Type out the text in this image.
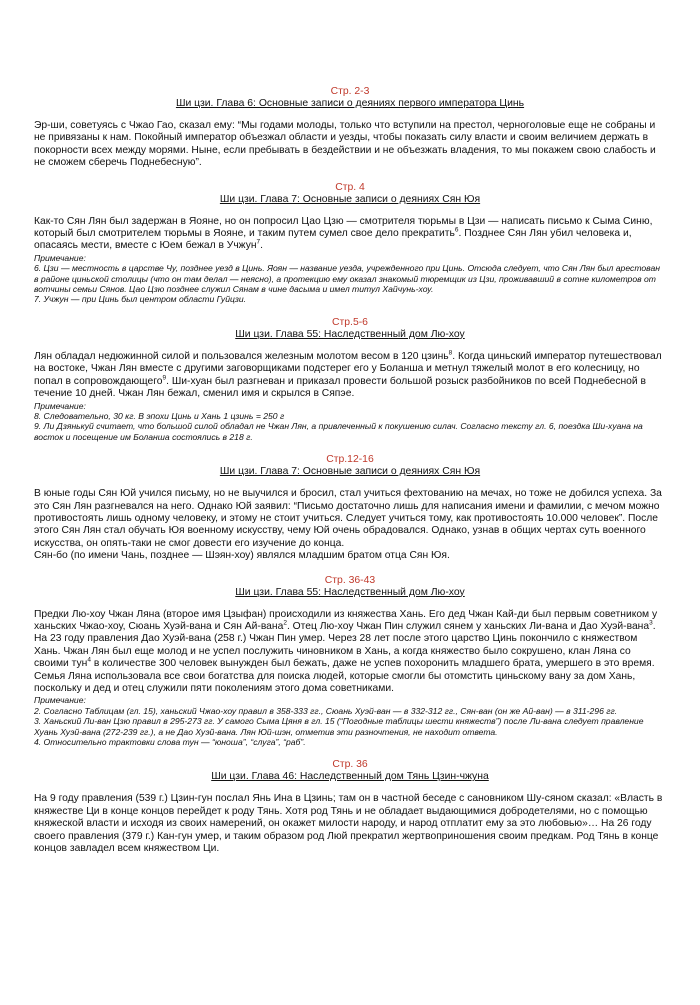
Стр. 2-3

Ши цзи. Глава 6: Основные записи о деяниях первого императора Цинь

Эр-ши, советуясь с Чжао Гао, сказал ему: “Мы годами молоды, только что вступили на престол, черноголовые еще не собраны и не привязаны к нам. Покойный император объезжал области и уезды, чтобы показать силу власти и своим величием держать в покорности всех между морями. Ныне, если пребывать в бездействии и не объезжать владения, то мы покажем свою слабость и не сможем сберечь Поднебесную”.

Стр. 4

Ши цзи. Глава 7: Основные записи о деяниях Сян Юя

Как-то Сян Лян был задержан в Яояне, но он попросил Цао Цзю — смотрителя тюрьмы в Цзи — написать письмо к Сыма Синю, который был смотрителем тюрьмы в Яояне, и таким путем сумел свое дело прекратить$^6$. Позднее Сян Лян убил человека и, опасаясь мести, вместе с Юем бежал в Учжун$^7$.

Примечание:

6. Цзи — местность в царстве Чу, позднее уезд в Цинь. Яоян — название уезда, учрежденного при Цинь. Отсюда следует, что Сян Лян был арестован в районе циньской столицы (что он там делал — неясно), а протекцию ему оказал знакомый тюремщик из Цзи, проживавший в сотне километров от вотчины семьи Сянов. Цао Цзю позднее служил Сянам в чине дасыма и имел титул Хайчунь-хоу.

7. Учжун — при Цинь был центром области Гуйцзи.

Стр.5-6

Ши цзи. Глава 55: Наследственный дом Лю-хоу

Лян обладал недюжинной силой и пользовался железным молотом весом в 120 цзинь$^8$. Когда циньский император путешествовал на востоке, Чжан Лян вместе с другими заговорщиками подстерег его у Боланша и метнул тяжелый молот в его колесницу, но попал в сопровождающего$^9$. Ши-хуан был разгневан и приказал провести большой розыск разбойников по всей Поднебесной в течение 10 дней. Чжан Лян бежал, сменил имя и скрылся в Сяпэе.

Примечание:

8. Следовательно, 30 кг. В эпохи Цинь и Хань 1 цзинь = 250 г

9. Ли Дзянькуй считает, что большой силой обладал не Чжан Лян, а привлеченный к покушению силач. Согласно тексту гл. 6, поездка Ши-хуана на восток и посещение им Боланша состоялись в 218 г.

Стр.12-16

Ши цзи. Глава 7: Основные записи о деяниях Сян Юя

В юные годы Сян Юй учился письму, но не выучился и бросил, стал учиться фехтованию на мечах, но тоже не добился успеха. За это Сян Лян разгневался на него. Однако Юй заявил: “Письмо достаточно лишь для написания имени и фамилии, с мечом можно противостоять лишь одному человеку, и этому не стоит учиться. Следует учиться тому, как противостоять 10.000 человек”. После этого Сян Лян стал обучать Юя военному искусству, чему Юй очень обрадовался. Однако, узнав в общих чертах суть военного искусства, он опять-таки не смог довести его изучение до конца.

Сян-бо (по имени Чань, позднее — Шэян-хоу) являлся младшим братом отца Сян Юя.

Стр. 36-43

Ши цзи. Глава 55: Наследственный дом Лю-хоу

Предки Лю-хоу Чжан Ляна (второе имя Цзыфан) происходили из княжества Хань. Его дед Чжан Кай-ди был первым советником у ханьских Чжао-хоу, Сюань Хуэй-вана и Сян Ай-вана$^2$. Отец Лю-хоу Чжан Пин служил сянем у ханьских Ли-вана и Дао Хуэй-вана$^3$. На 23 году правления Дао Хуэй-вана (258 г.) Чжан Пин умер. Через 28 лет после этого царство Цинь покончило с княжеством Хань. Чжан Лян был еще молод и не успел послужить чиновником в Хань, а когда княжество было сокрушено, клан Ляна со своими тун$^4$ в количестве 300 человек вынужден был бежать, даже не успев похоронить младшего брата, умершего в это время. Семья Ляна использовала все свои богатства для поиска людей, которые смогли бы отомстить циньскому вану за дом Хань, поскольку и дед и отец служили пяти поколениям этого дома советниками.

Примечание:

2. Согласно Таблицам (гл. 15), ханьский Чжао-хоу правил в 358-333 гг., Сюань Хуэй-ван — в 332-312 гг., Сян-ван (он же Ай-ван) — в 311-296 гг.

3. Ханьский Ли-ван Цзю правил в 295-273 гг. У самого Сыма Цяня в гл. 15 (“Погодные таблицы шести княжеств”) после Ли-вана следует правление Хуань Хуэй-вана (272-239 гг.), а не Дао Хуэй-вана. Лян Юй-шэн, отметив эти разночтения, не находит ответа.

4. Относительно трактовки слова тун — “юноша”, “слуга”, “раб”.

Стр. 36

Ши цзи. Глава 46: Наследственный дом Тянь Цзин-чжуна

На 9 году правления (539 г.) Цзин-гун послал Янь Ина в Цзинь; там он в частной беседе с сановником Шу-сяном сказал: «Власть в княжестве Ци в конце концов перейдет к роду Тянь. Хотя род Тянь и не обладает выдающимися добродетелями, но с помощью княжеской власти и исходя из своих намерений, он окажет милости народу, и народ отплатит ему за это любовью»… На 26 году своего правления (379 г.) Кан-гун умер, и таким образом род Люй прекратил жертвоприношения своим предкам. Род Тянь в конце концов завладел всем княжеством Ци.
